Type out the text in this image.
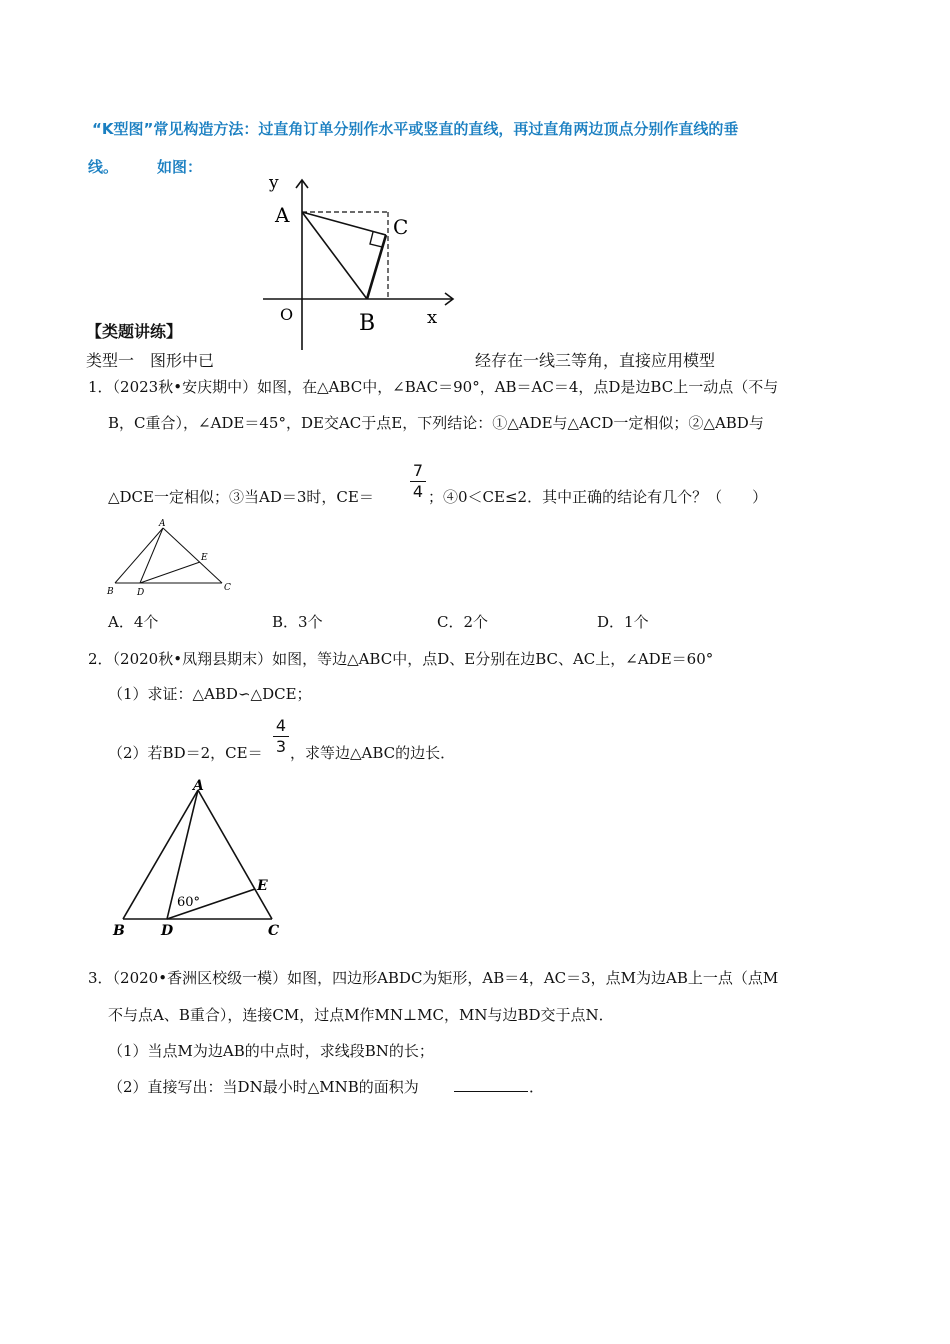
“K型图”常见构造方法：过直角订单分别作水平或竖直的直线，再过直角两边顶点分别作直线的垂
线。	如图：
y
A	C
O	B	x
【类题讲练】
类型一　图形中已	经存在一线三等角，直接应用模型
1．（2023秋•安庆期中）如图，在△ABC中，∠BAC＝90°，AB＝AC＝4，点D是边BC上一动点（不与
B，C重合），∠ADE＝45°，DE交AC于点E，下列结论：①△ADE与△ACD一定相似；②△ABD与
△DCE一定相似；③当AD＝3时，CE＝
7
4 ；④0＜CE≤2．其中正确的结论有几个？（　　）
A
B	D	C
E
A．4个	B．3个	C．2个	D．1个
2．（2020秋•凤翔县期末）如图，等边△ABC中，点D、E分别在边BC、AC上，∠ADE＝60°
（1）求证：△ABD∽△DCE；
（2）若BD＝2，CE＝
4
3 ，求等边△ABC的边长．
A
B	D	C
E
60°
3．（2020•香洲区校级一模）如图，四边形ABDC为矩形，AB＝4，AC＝3，点M为边AB上一点（点M
不与点A、B重合），连接CM，过点M作MN⊥MC，MN与边BD交于点N．
（1）当点M为边AB的中点时，求线段BN的长；
（2）直接写出：当DN最小时△MNB的面积为	．
